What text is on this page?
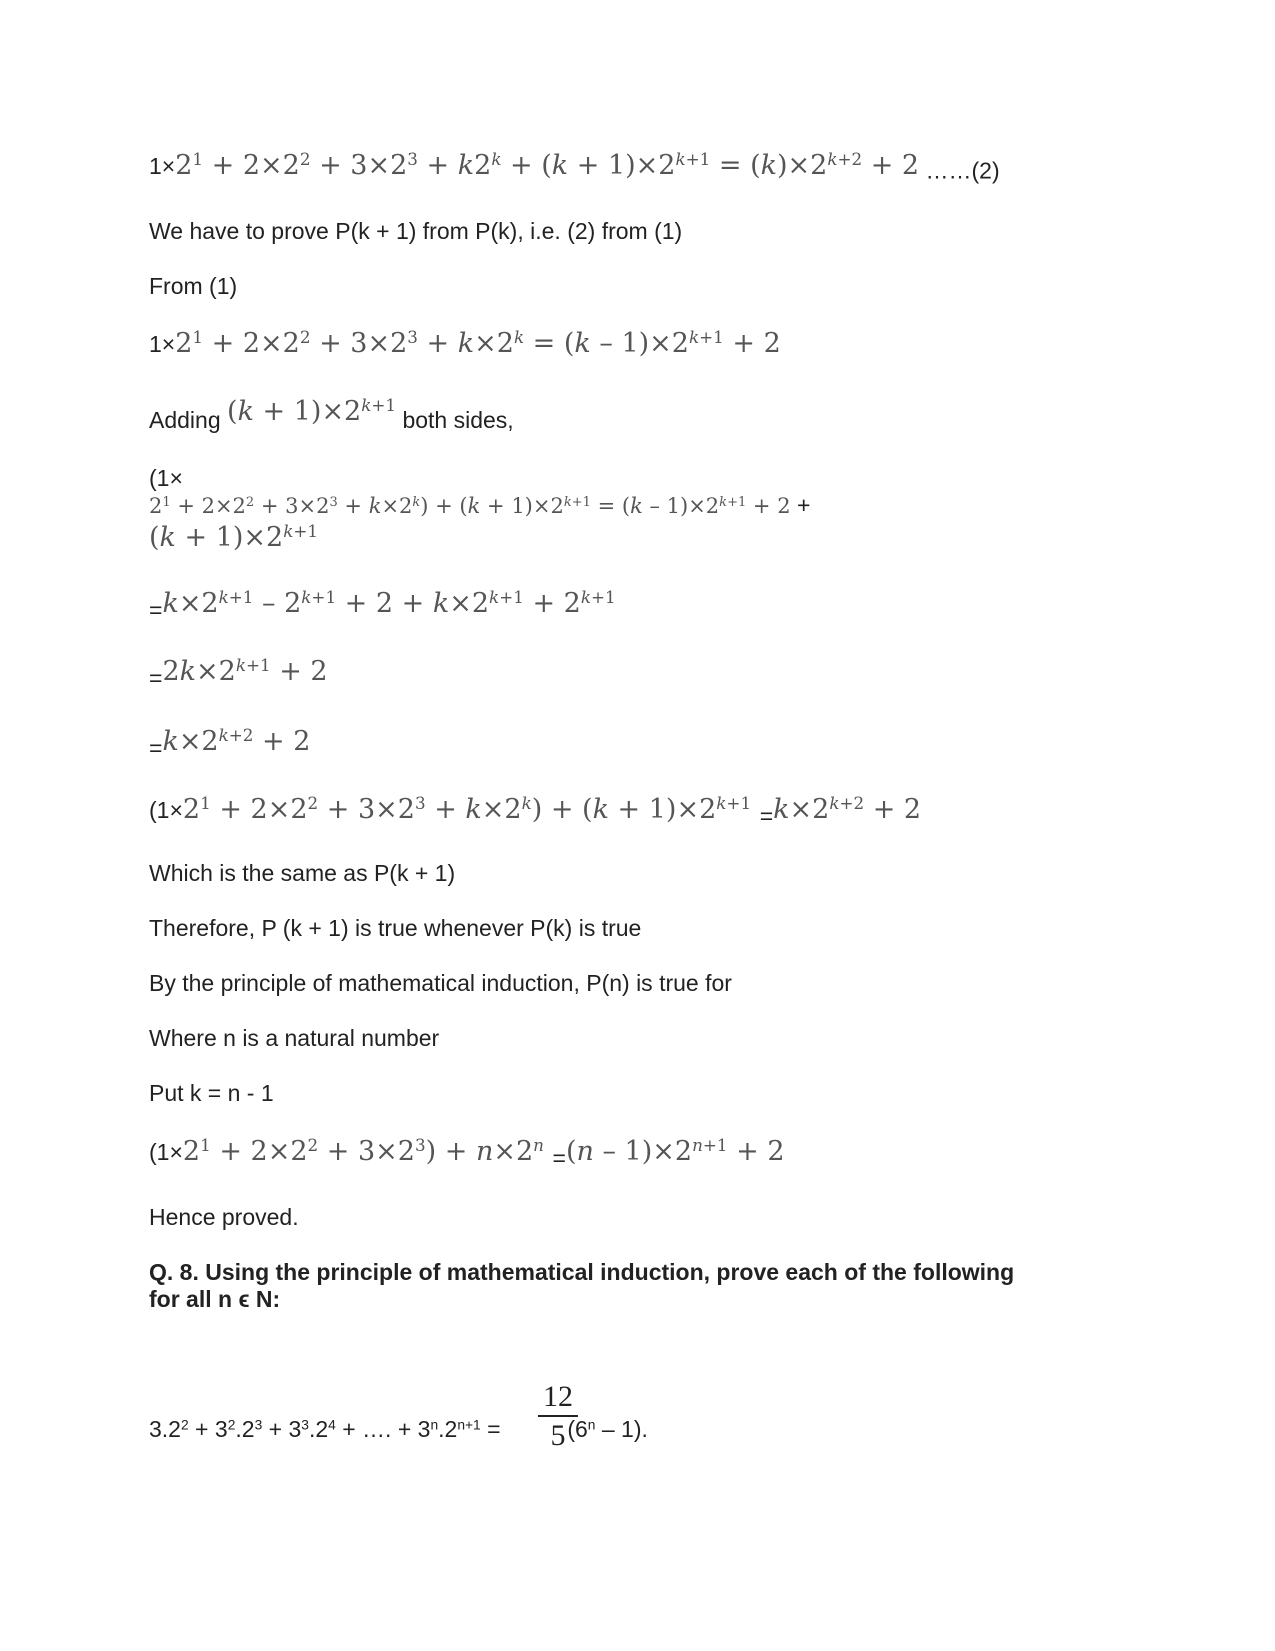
$1\times 2^1 + 2\times 2^2 + 3\times 2^3 + k2^k + (k + 1)\times 2^{k+1} = (k)\times 2^{k+2} + 2$ ……(2)
We have to prove P(k + 1) from P(k), i.e. (2) from (1)
From (1)
$1\times 2^1 + 2\times 2^2 + 3\times 2^3 + k\times 2^k = (k - 1)\times 2^{k+1} + 2$
Adding $(k + 1)\times 2^{k+1}$ both sides,
(1×
$2^1 + 2\times 2^2 + 3\times 2^3 + k\times 2^k) + (k + 1)\times 2^{k+1} = (k - 1)\times 2^{k+1} + 2$ +
$(k + 1)\times 2^{k+1}$
$=k\times 2^{k+1} - 2^{k+1} + 2 + k\times 2^{k+1} + 2^{k+1}$
$=2k\times 2^{k+1} + 2$
$=k\times 2^{k+2} + 2$
$(1\times 2^1 + 2\times 2^2 + 3\times 2^3 + k\times 2^k) + (k + 1)\times 2^{k+1} =k\times 2^{k+2} + 2$
Which is the same as P(k + 1)
Therefore, P (k + 1) is true whenever P(k) is true
By the principle of mathematical induction, P(n) is true for
Where n is a natural number
Put k = n - 1
$(1\times 2^1 + 2\times 2^2 + 3\times 2^3) + n\times 2^n =(n - 1)\times 2^{n+1} + 2$
Hence proved.
Q. 8. Using the principle of mathematical induction, prove each of the following
for all n ϵ N:
$\frac{12}{5}$
$3.2^2 + 3^2.2^3 + 3^3.2^4$ + …. + $3^n.2^{n+1}$ =	$(6^n - 1)$.
